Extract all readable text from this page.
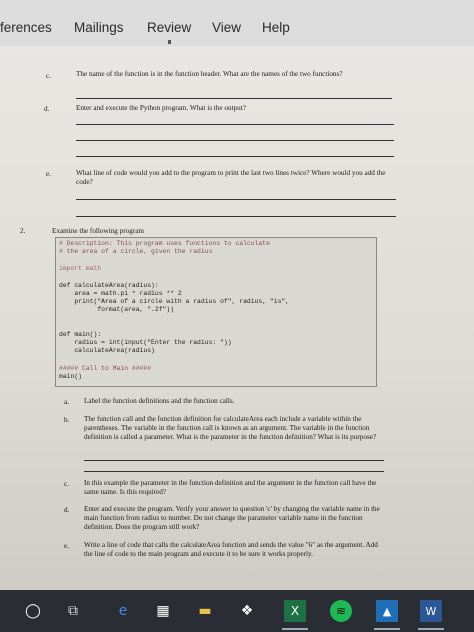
ferences Mailings Review View Help
c.	The name of the function is in the function header. What are the names of the two functions?
d.	Enter and execute the Python program. What is the output?
e.	What line of code would you add to the program to print the last two lines twice? Where would you add the code?
2.	Examine the following program
# Description: This program uses functions to calculate
# the area of a circle, given the radius
import math
def calculateArea(radius):
area = math.pi * radius ** 2
print("Area of a circle with a radius of", radius, "is",
format(area, ".2f"))
def main():
radius = int(input("Enter the radius: "))
calculateArea(radius)
##### Call to Main #####
main()
a. Label the function definitions and the function calls.
b. The function call and the function definition for calculateArea each include a variable within the parentheses. The variable in the function call is known as an argument. The variable in the function definition is called a parameter. What is the parameter in the function definition? What is its purpose?
c. In this example the parameter in the function definition and the argument in the function call have the same name. Is this required?
d. Enter and execute the program. Verify your answer to question 'c' by changing the variable name in the main function from radius to number. Do not change the parameter variable name in the function definition. Does the program still work?
e. Write a line of code that calls the calculateArea function and sends the value "6" as the argument. Add the line of code to the main program and execute it to be sure it works properly.
◯	⧉	e	▦	▬	❖	X	≋	▲	W
